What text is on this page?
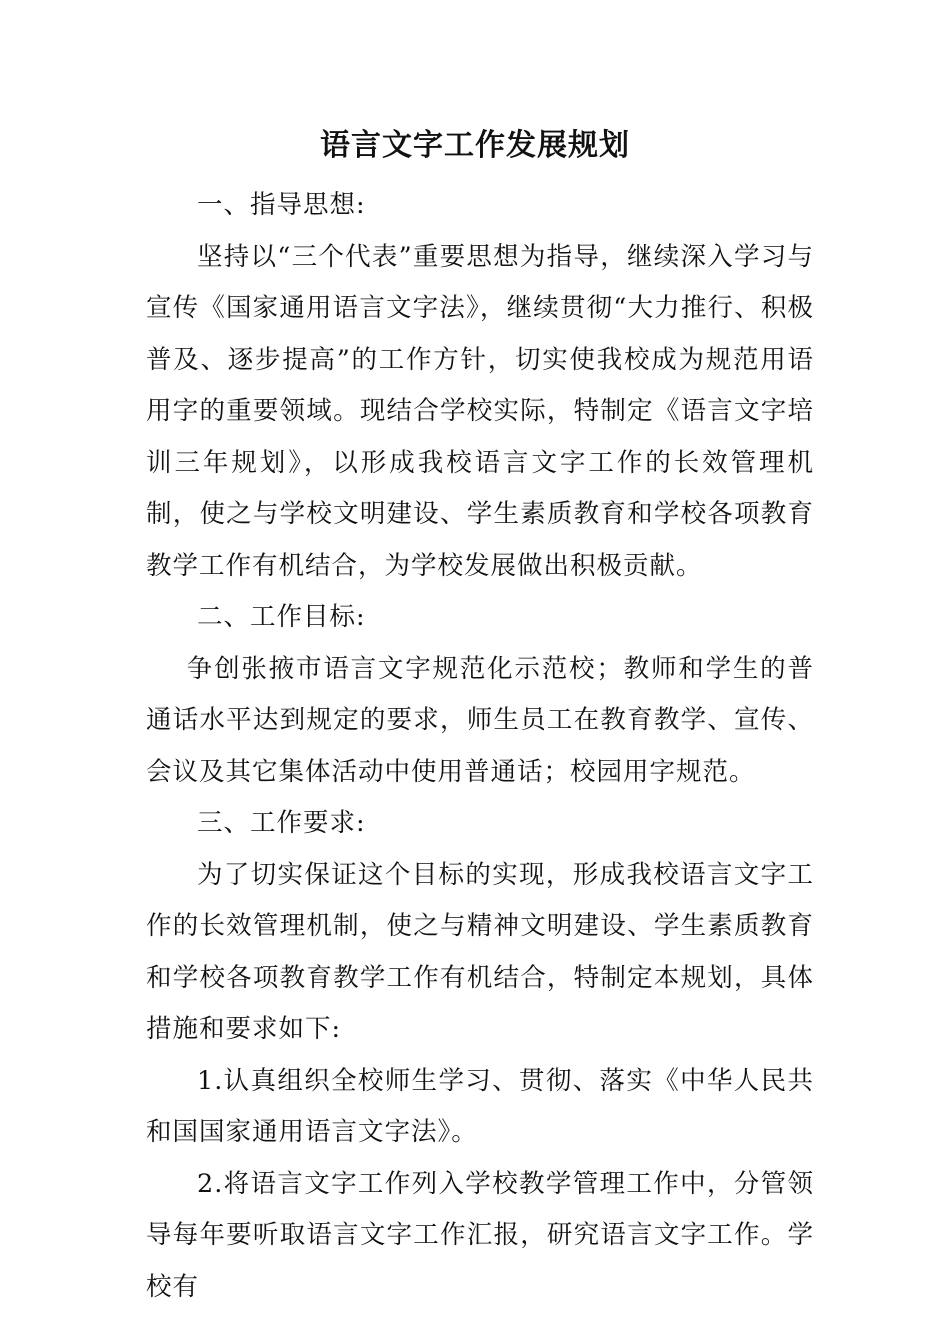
语言文字工作发展规划

一、指导思想:

坚持以“三个代表”重要思想为指导，继续深入学习与宣传《国家通用语言文字法》，继续贯彻“大力推行、积极普及、逐步提高”的工作方针，切实使我校成为规范用语用字的重要领域。现结合学校实际，特制定《语言文字培训三年规划》，以形成我校语言文字工作的长效管理机制，使之与学校文明建设、学生素质教育和学校各项教育教学工作有机结合，为学校发展做出积极贡献。

二、工作目标:

争创张掖市语言文字规范化示范校；教师和学生的普通话水平达到规定的要求，师生员工在教育教学、宣传、会议及其它集体活动中使用普通话；校园用字规范。

三、工作要求:

为了切实保证这个目标的实现，形成我校语言文字工作的长效管理机制，使之与精神文明建设、学生素质教育和学校各项教育教学工作有机结合，特制定本规划，具体措施和要求如下:

1.认真组织全校师生学习、贯彻、落实《中华人民共和国国家通用语言文字法》。

2.将语言文字工作列入学校教学管理工作中，分管领导每年要听取语言文字工作汇报，研究语言文字工作。学校有
